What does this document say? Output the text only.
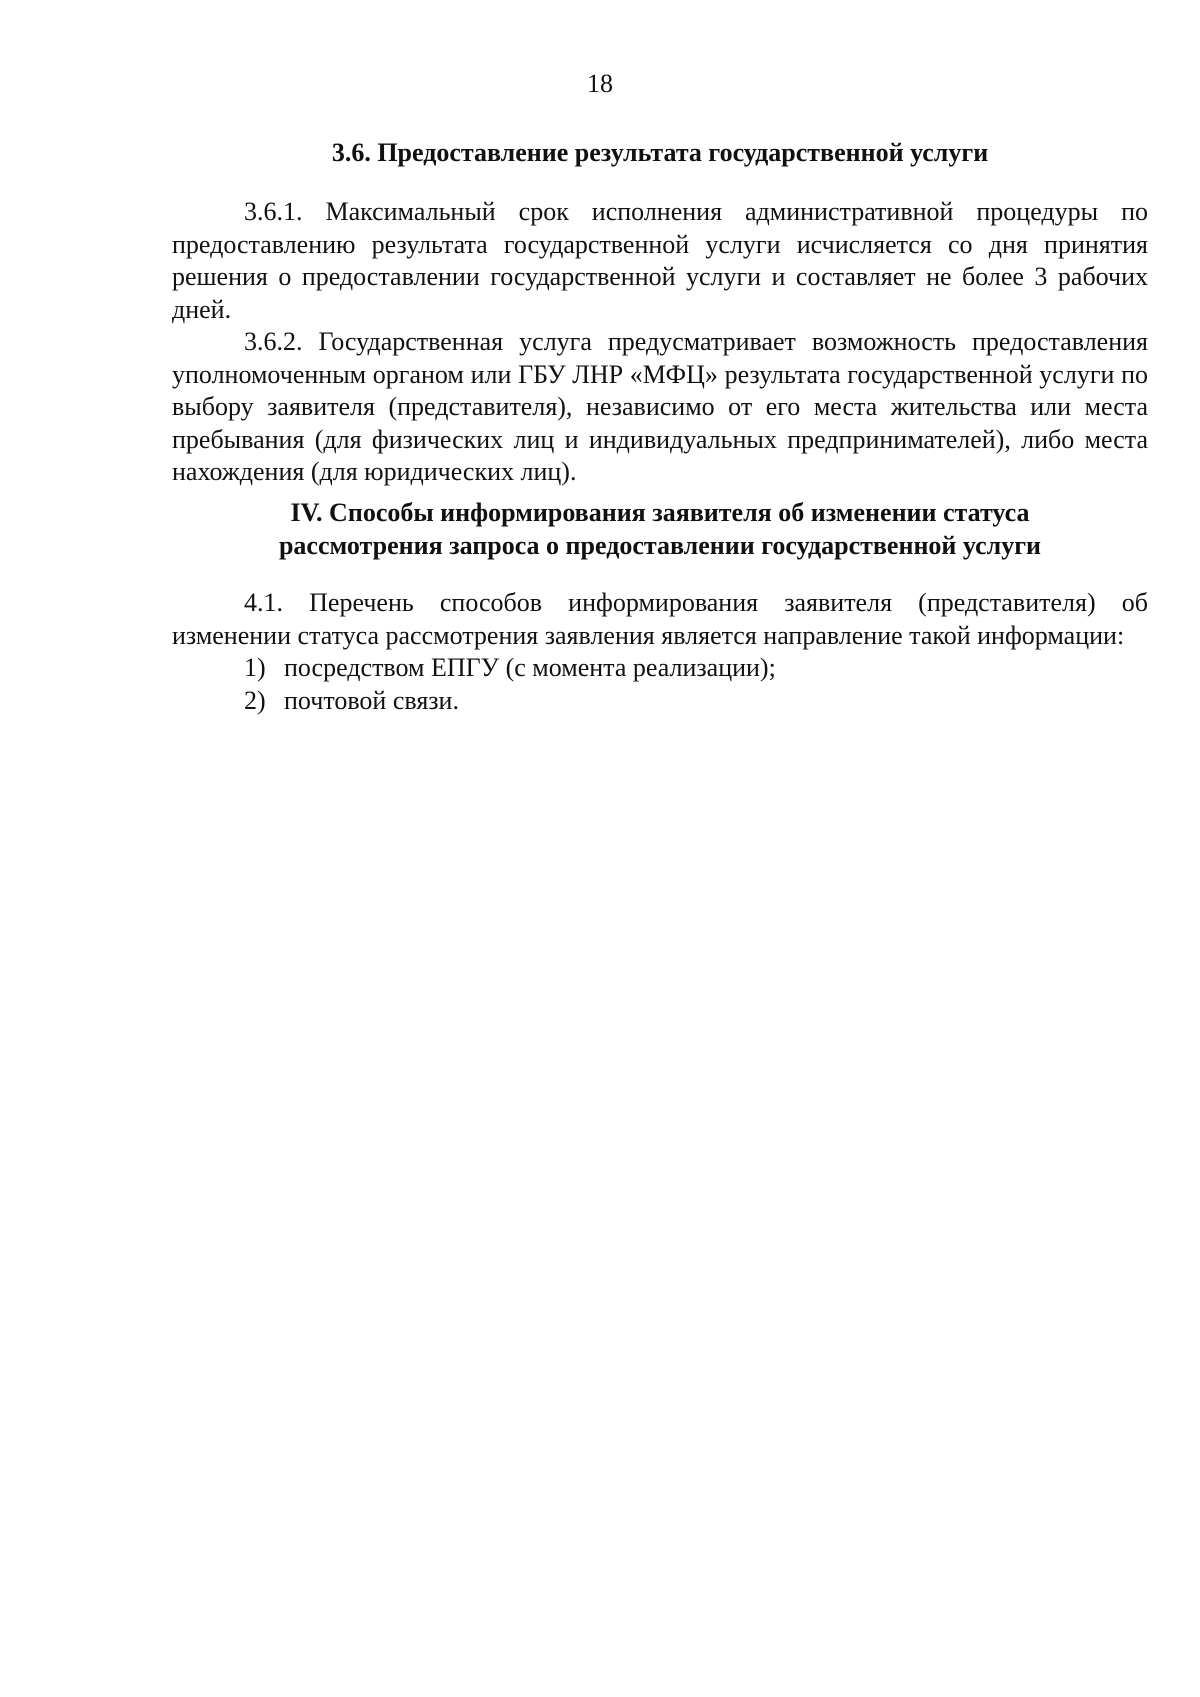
18

3.6. Предоставление результата государственной услуги

3.6.1. Максимальный срок исполнения административной процедуры по предоставлению результата государственной услуги исчисляется со дня принятия решения о предоставлении государственной услуги и составляет не более 3 рабочих дней.

3.6.2. Государственная услуга предусматривает возможность предоставления уполномоченным органом или ГБУ ЛНР «МФЦ» результата государственной услуги по выбору заявителя (представителя), независимо от его места жительства или места пребывания (для физических лиц и индивидуальных предпринимателей), либо места нахождения (для юридических лиц).

IV. Способы информирования заявителя об изменении статуса
рассмотрения запроса о предоставлении государственной услуги

4.1. Перечень способов информирования заявителя (представителя) об изменении статуса рассмотрения заявления является направление такой информации:

1) посредством ЕПГУ (с момента реализации);

2) почтовой связи.
